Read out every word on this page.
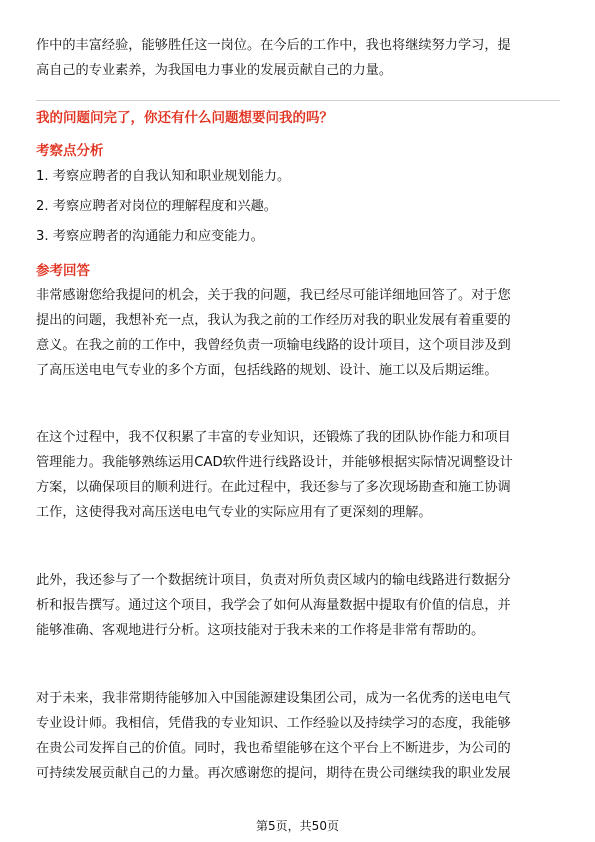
作中的丰富经验，能够胜任这一岗位。在今后的工作中，我也将继续努力学习，提
高自己的专业素养，为我国电力事业的发展贡献自己的力量。
我的问题问完了，你还有什么问题想要问我的吗？
考察点分析
1. 考察应聘者的自我认知和职业规划能力。
2. 考察应聘者对岗位的理解程度和兴趣。
3. 考察应聘者的沟通能力和应变能力。
参考回答
非常感谢您给我提问的机会，关于我的问题，我已经尽可能详细地回答了。对于您
提出的问题，我想补充一点，我认为我之前的工作经历对我的职业发展有着重要的
意义。在我之前的工作中，我曾经负责一项输电线路的设计项目，这个项目涉及到
了高压送电电气专业的多个方面，包括线路的规划、设计、施工以及后期运维。
在这个过程中，我不仅积累了丰富的专业知识，还锻炼了我的团队协作能力和项目
管理能力。我能够熟练运用CAD软件进行线路设计，并能够根据实际情况调整设计
方案，以确保项目的顺利进行。在此过程中，我还参与了多次现场勘查和施工协调
工作，这使得我对高压送电电气专业的实际应用有了更深刻的理解。
此外，我还参与了一个数据统计项目，负责对所负责区域内的输电线路进行数据分
析和报告撰写。通过这个项目，我学会了如何从海量数据中提取有价值的信息，并
能够准确、客观地进行分析。这项技能对于我未来的工作将是非常有帮助的。
对于未来，我非常期待能够加入中国能源建设集团公司，成为一名优秀的送电电气
专业设计师。我相信，凭借我的专业知识、工作经验以及持续学习的态度，我能够
在贵公司发挥自己的价值。同时，我也希望能够在这个平台上不断进步，为公司的
可持续发展贡献自己的力量。再次感谢您的提问，期待在贵公司继续我的职业发展
第5页，共50页
